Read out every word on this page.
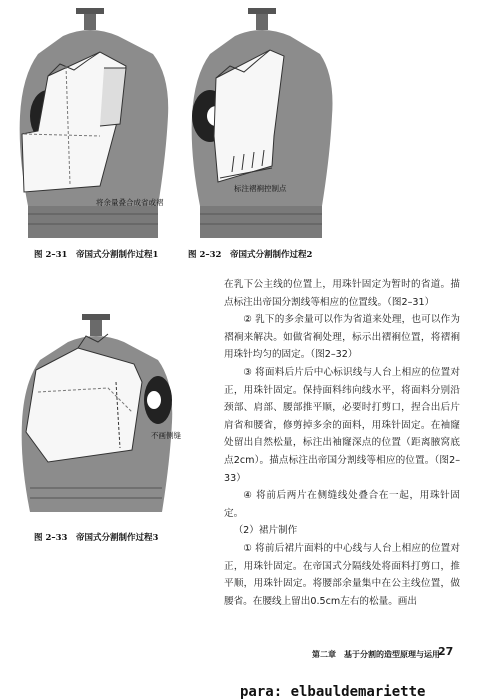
将余量叠合成省或褶
图 2–31　帝国式分割制作过程1
标注褶裥控制点
图 2–32　帝国式分割制作过程2
不画侧缝
图 2–33　帝国式分割制作过程3

在乳下公主线的位置上，用珠针固定为暂时的省道。描点标注出帝国分割线等相应的位置线。（图2–31）

② 乳下的多余量可以作为省道来处理，也可以作为褶裥来解决。如做省裥处理，标示出褶裥位置，将褶裥用珠针均匀的固定。（图2–32）

③ 将面料后片后中心标识线与人台上相应的位置对正，用珠针固定。保持面料纬向线水平，将面料分别沿颈部、肩部、腰部推平顺，必要时打剪口，捏合出后片肩省和腰省，修剪掉多余的面料，用珠针固定。在袖窿处留出自然松量，标注出袖窿深点的位置（距离腋窝底点2cm）。描点标注出帝国分割线等相应的位置。（图2–33）

④ 将前后两片在侧缝线处叠合在一起，用珠针固定。

（2）裙片制作

① 将前后裙片面料的中心线与人台上相应的位置对正，用珠针固定。在帝国式分隔线处将面料打剪口，推平顺，用珠针固定。将腰部余量集中在公主线位置，做腰省。在腰线上留出0.5cm左右的松量。画出

第二章　基于分割的造型原理与运用
27
para: elbauldemariette
